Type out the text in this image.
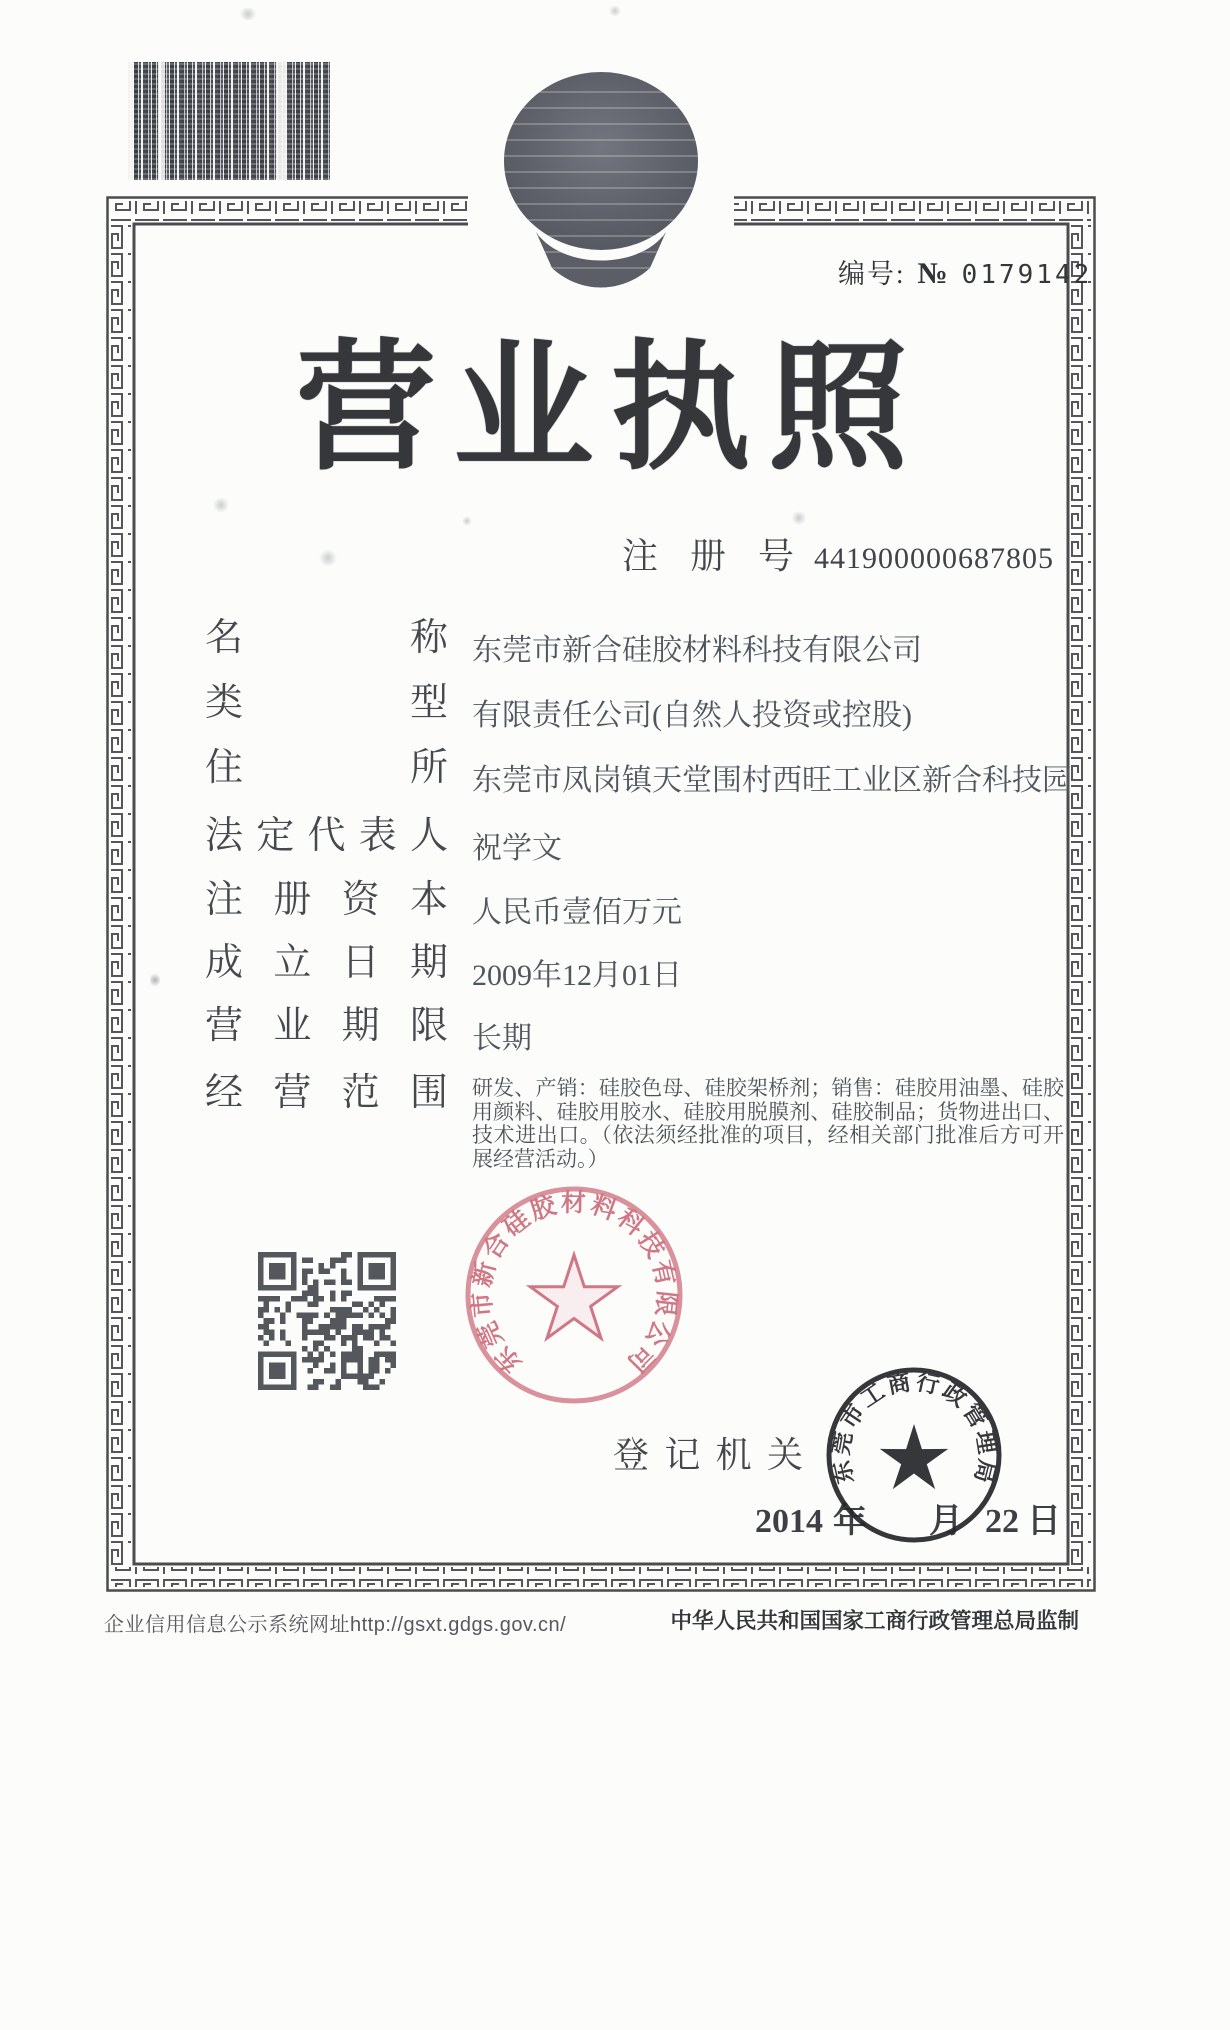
编号: № 0179142
营 业 执 照
注 册 号 441900000687805
名	称 东莞市新合硅胶材料科技有限公司
类	型 有限责任公司(自然人投资或控股)
住	所 东莞市凤岗镇天堂围村西旺工业区新合科技园
法 定 代 表 人 祝学文
注 册 资 本 人民币壹佰万元
成 立 日 期 2009年12月01日
营 业 期 限 长期
经 营 范 围 研发、产销：硅胶色母、硅胶架桥剂；销售：硅胶用油墨、硅胶用颜料、硅胶用胶水、硅胶用脱膜剂、硅胶制品；货物进出口、技术进出口。（依法须经批准的项目，经相关部门批准后方可开展经营活动。）
东莞市新合硅胶材料科技有限公司
登 记 机 关
2014 年 月 22 日
东莞市工商行政管理局
企业信用信息公示系统网址http://gsxt.gdgs.gov.cn/	中华人民共和国国家工商行政管理总局监制
